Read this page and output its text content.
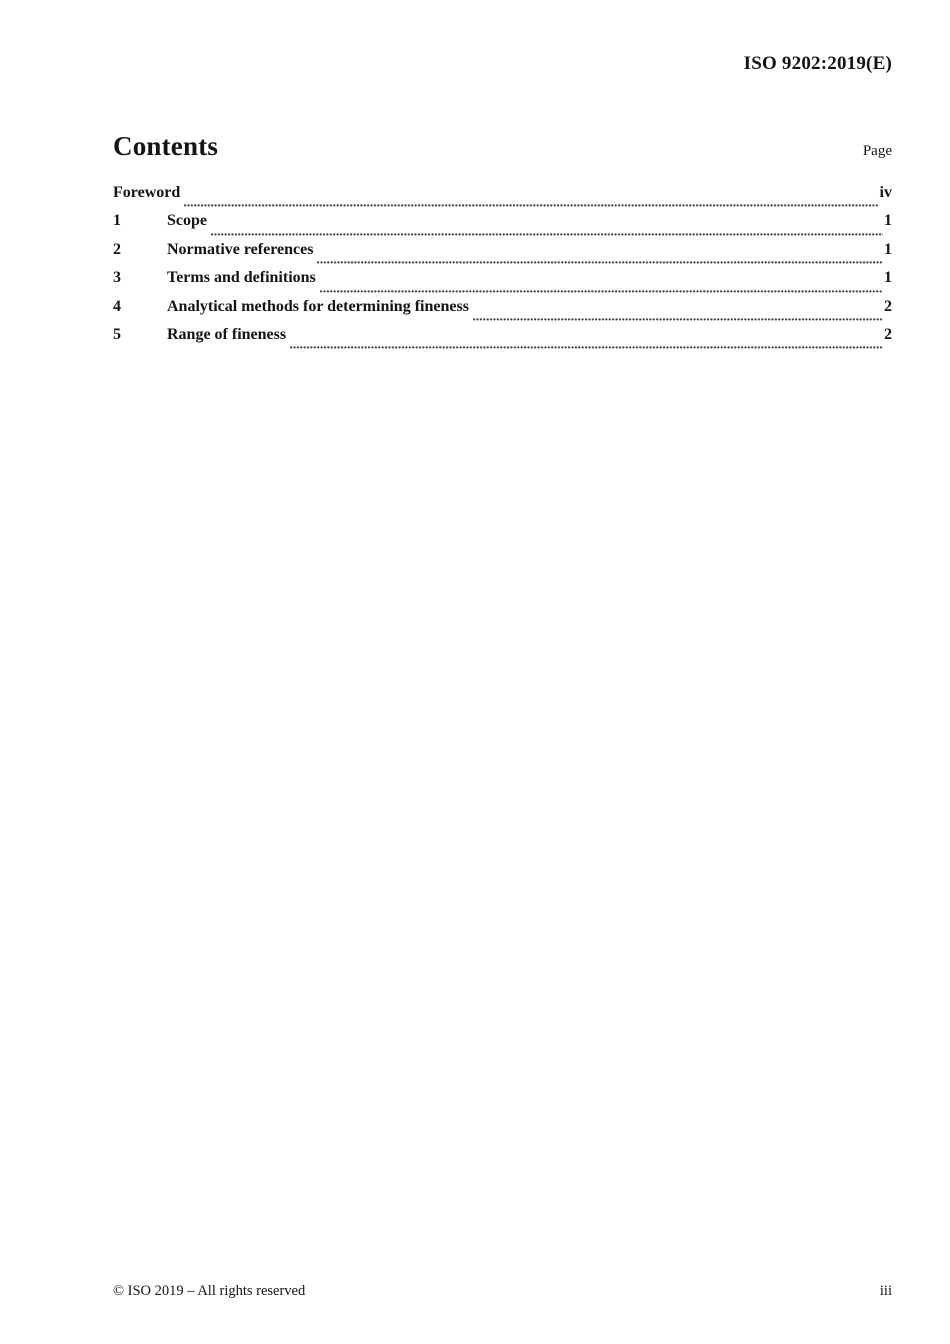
ISO 9202:2019(E)
Contents	Page
Foreword	iv
1	Scope	1
2	Normative references	1
3	Terms and definitions	1
4	Analytical methods for determining fineness	2
5	Range of fineness	2
© ISO 2019 – All rights reserved	iii
